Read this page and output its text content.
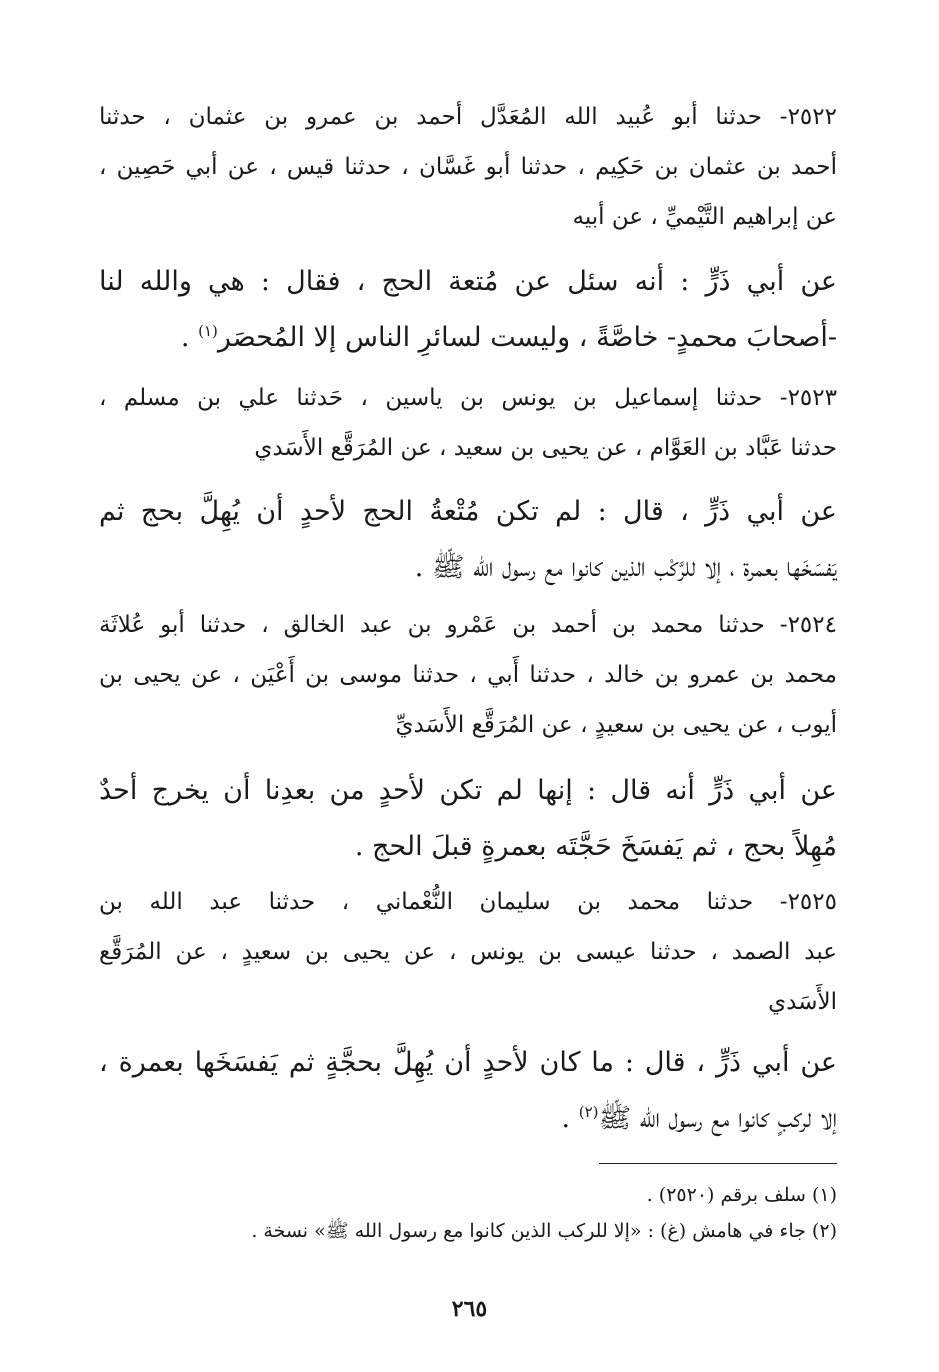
٢٥٢٢- حدثنا أبو عُبيد الله المُعَدَّل أحمد بن عمرو بن عثمان ، حدثنا
أحمد بن عثمان بن حَكِيم ، حدثنا أبو غَسَّان ، حدثنا قيس ، عن أبي حَصِين ،
عن إبراهيم التَّيْميِّ ، عن أبيه
عن أبي ذَرٍّ : أنه سئل عن مُتعة الحج ، فقال : هي والله لنا
-أصحابَ محمدٍ- خاصَّةً ، وليست لسائرِ الناس إلا المُحصَر$^{(١)}$ .
٢٥٢٣- حدثنا إسماعيل بن يونس بن ياسين ، حَدثنا علي بن مسلم ،
حدثنا عَبَّاد بن العَوَّام ، عن يحيى بن سعيد ، عن المُرَقَّع الأَسَدي
عن أبي ذَرٍّ ، قال : لم تكن مُتْعةُ الحج لأحدٍ أن يُهِلَّ بحج ثم
يَفسَخَها بعمرة ، إلا للرَّكْب الذين كانوا مع رسول الله ﷺ .
٢٥٢٤- حدثنا محمد بن أحمد بن عَمْرو بن عبد الخالق ، حدثنا أبو عُلاثَة
محمد بن عمرو بن خالد ، حدثنا أَبي ، حدثنا موسى بن أَعْيَن ، عن يحيى بن
أيوب ، عن يحيى بن سعيدٍ ، عن المُرَقَّع الأَسَديِّ
عن أبي ذَرٍّ أنه قال : إنها لم تكن لأحدٍ من بعدِنا أن يخرج أحدٌ
مُهِلاً بحج ، ثم يَفسَخَ حَجَّتَه بعمرةٍ قبلَ الحج .
٢٥٢٥- حدثنا محمد بن سليمان النُّعْماني ، حدثنا عبد الله بن
عبد الصمد ، حدثنا عيسى بن يونس ، عن يحيى بن سعيدٍ ، عن المُرَقَّع
الأَسَدي
عن أبي ذَرٍّ ، قال : ما كان لأحدٍ أن يُهِلَّ بحجَّةٍ ثم يَفسَخَها بعمرة ،
إلا لركبٍ كانوا مع رسول الله ﷺ$^{(٢)}$ .
(١) سلف برقم (٢٥٢٠) .
(٢) جاء في هامش (غ) : «إلا للركب الذين كانوا مع رسول الله ﷺ» نسخة .
٢٦٥
